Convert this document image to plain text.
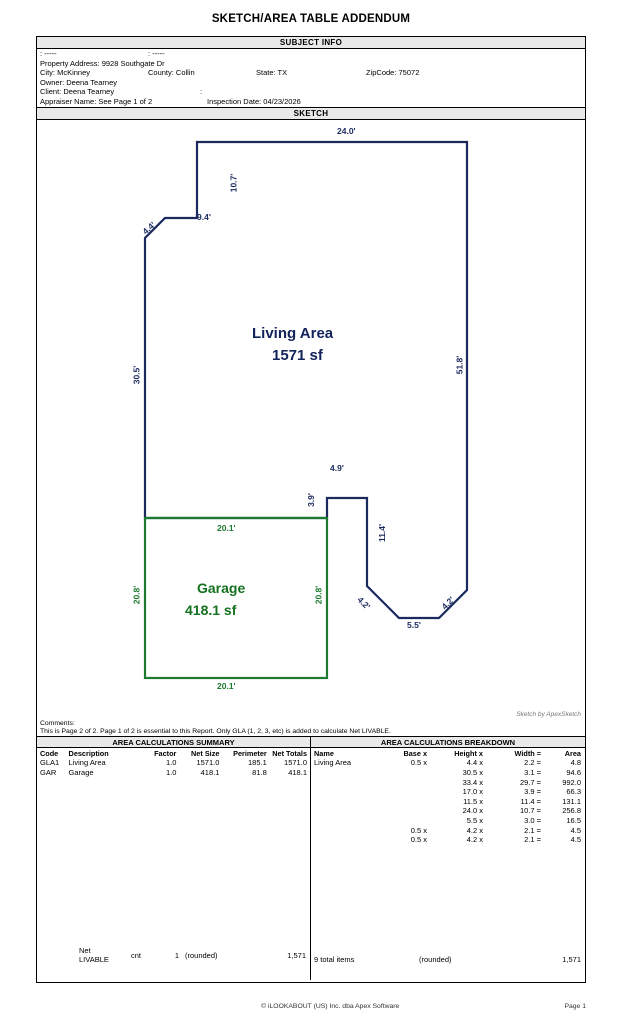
SKETCH/AREA TABLE ADDENDUM
SUBJECT INFO
: -----	: -----
Property Address: 9928 Southgate Dr
City: McKinney	County: Collin	State: TX	ZipCode: 75072
Owner: Deena Tearney
Client: Deena Tearney	:
Appraiser Name: See Page 1 of 2	Inspection Date: 04/23/2026
SKETCH
24.0'
10.7'
9.4'
4.4'
30.5'
51.8'
4.9'
3.9'
11.4'
4.2'
5.5'
4.2'
20.1'
20.8'	20.8'
20.1'
Living Area
1571 sf
Garage
418.1 sf
Sketch by ApexSketch
Comments:
This is Page 2 of 2. Page 1 of 2 is essential to this Report. Only GLA (1, 2, 3, etc) is added to calculate Net LIVABLE.
AREA CALCULATIONS SUMMARY
Code	Description	Factor	Net Size	Perimeter	Net Totals
GLA1	Living Area	1.0	1571.0	185.1	1571.0
GAR	Garage	1.0	418.1	81.8	418.1
Net LIVABLE	cnt	1	(rounded)	1,571
AREA CALCULATIONS BREAKDOWN
Name	Base x	Height x	Width =	Area
Living Area	0.5 x	4.4 x	2.2 =	4.8
		30.5 x	3.1 =	94.6
		33.4 x	29.7 =	992.0
		17.0 x	3.9 =	66.3
		11.5 x	11.4 =	131.1
		24.0 x	10.7 =	256.8
		5.5 x	3.0 =	16.5
	0.5 x	4.2 x	2.1 =	4.5
	0.5 x	4.2 x	2.1 =	4.5
9 total items	(rounded)	1,571
© iLOOKABOUT (US) Inc. dba Apex Software	Page 1
